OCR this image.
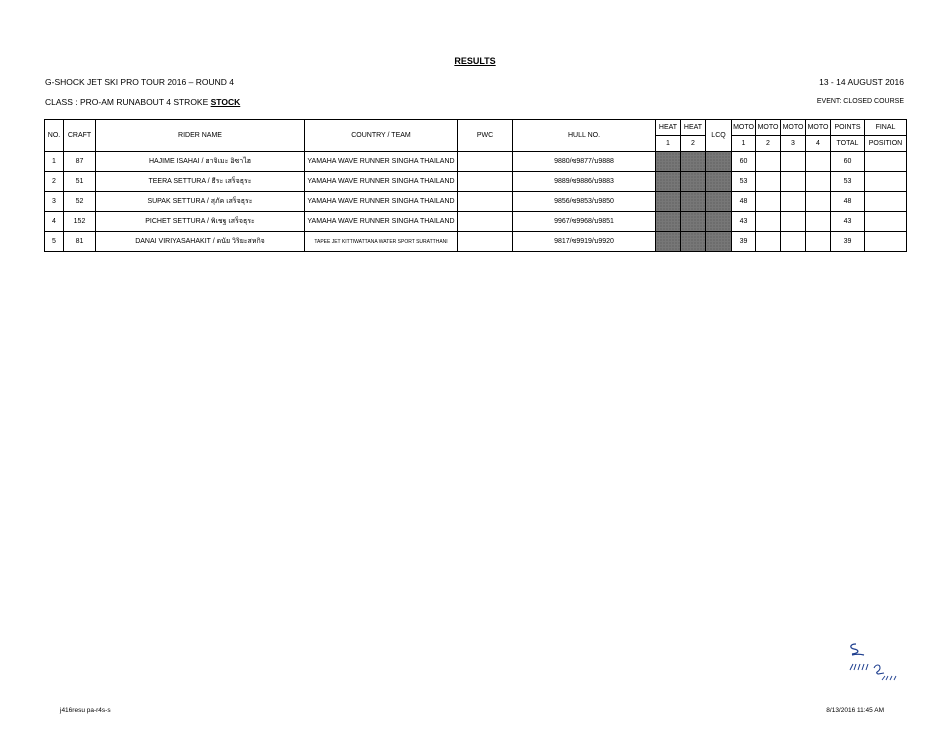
RESULTS
G-SHOCK JET SKI PRO TOUR 2016 – ROUND 4	13 - 14 AUGUST 2016
CLASS : PRO-AM RUNABOUT 4 STROKE STOCK	EVENT: CLOSED COURSE
NO.	CRAFT	RIDER NAME	COUNTRY / TEAM	PWC	HULL NO.	HEAT	HEAT	LCQ	MOTO	MOTO	MOTO	MOTO	POINTS	FINAL
						1	2		1	2	3	4	TOTAL	POSITION
1	87	HAJIME ISAHAI / ฮาจิเมะ อิซาไฮ	YAMAHA WAVE RUNNER SINGHA THAILAND		9880/ซ9877/บ9888				60				60	
2	51	TEERA SETTURA / ธีระ เสร็จธุระ	YAMAHA WAVE RUNNER SINGHA THAILAND		9889/ซ9886/บ9883				53				53	
3	52	SUPAK SETTURA / สุภัค เสร็จธุระ	YAMAHA WAVE RUNNER SINGHA THAILAND		9856/ซ9853/บ9850				48				48	
4	152	PICHET SETTURA / พิเชฐ เสร็จธุระ	YAMAHA WAVE RUNNER SINGHA THAILAND		9967/ซ9968/บ9851				43				43	
5	81	DANAI VIRIYASAHAKIT / ดนัย วิริยะสหกิจ	TAPEE JET KITTIWATTANA WATER SPORT SURATTHANI		9817/ซ9919/บ9920				39				39	
j416resu pa-r4s-s	8/13/2016 11:45 AM
